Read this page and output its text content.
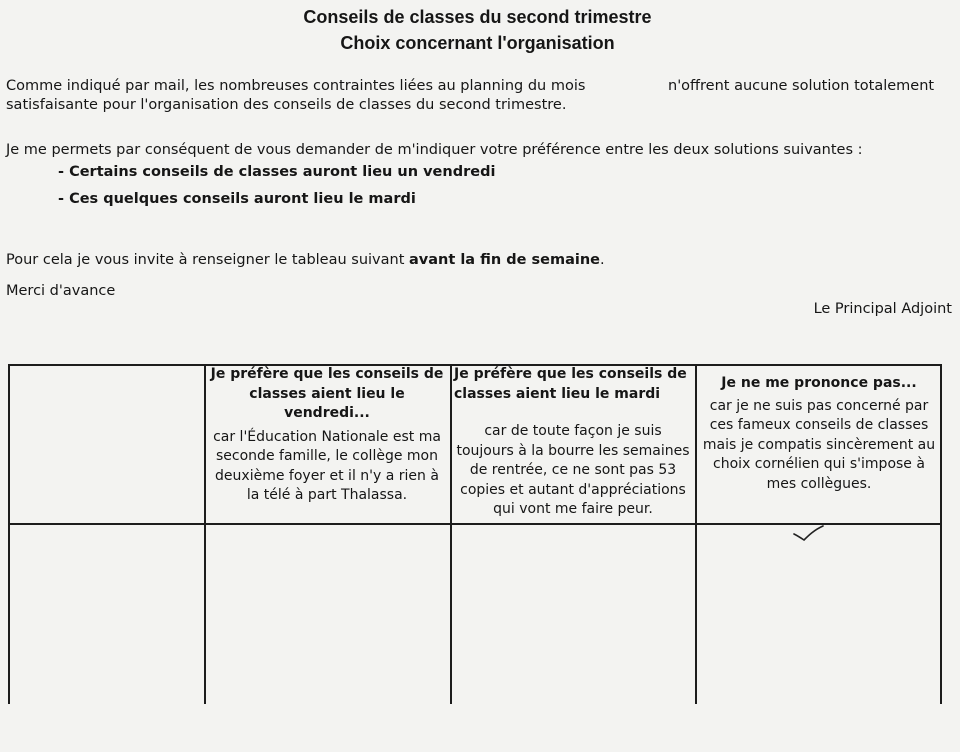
Conseils de classes du second trimestre
Choix concernant l'organisation
Comme indiqué par mail, les nombreuses contraintes liées au planning du mois	n'offrent aucune solution totalement
satisfaisante pour l'organisation des conseils de classes du second trimestre.
Je me permets par conséquent de vous demander de m'indiquer votre préférence entre les deux solutions suivantes :
- Certains conseils de classes auront lieu un vendredi
- Ces quelques conseils auront lieu le mardi
Pour cela je vous invite à renseigner le tableau suivant avant la fin de semaine.
Merci d'avance
Le Principal Adjoint
Je préfère que les conseils de classes aient lieu le vendredi...
car l'Éducation Nationale est ma seconde famille, le collège mon deuxième foyer et il n'y a rien à la télé à part Thalassa.
Je préfère que les conseils de classes aient lieu le mardi
car de toute façon je suis toujours à la bourre les semaines de rentrée, ce ne sont pas 53 copies et autant d'appréciations qui vont me faire peur.
Je ne me prononce pas...
car je ne suis pas concerné par ces fameux conseils de classes mais je compatis sincèrement au choix cornélien qui s'impose à mes collègues.
